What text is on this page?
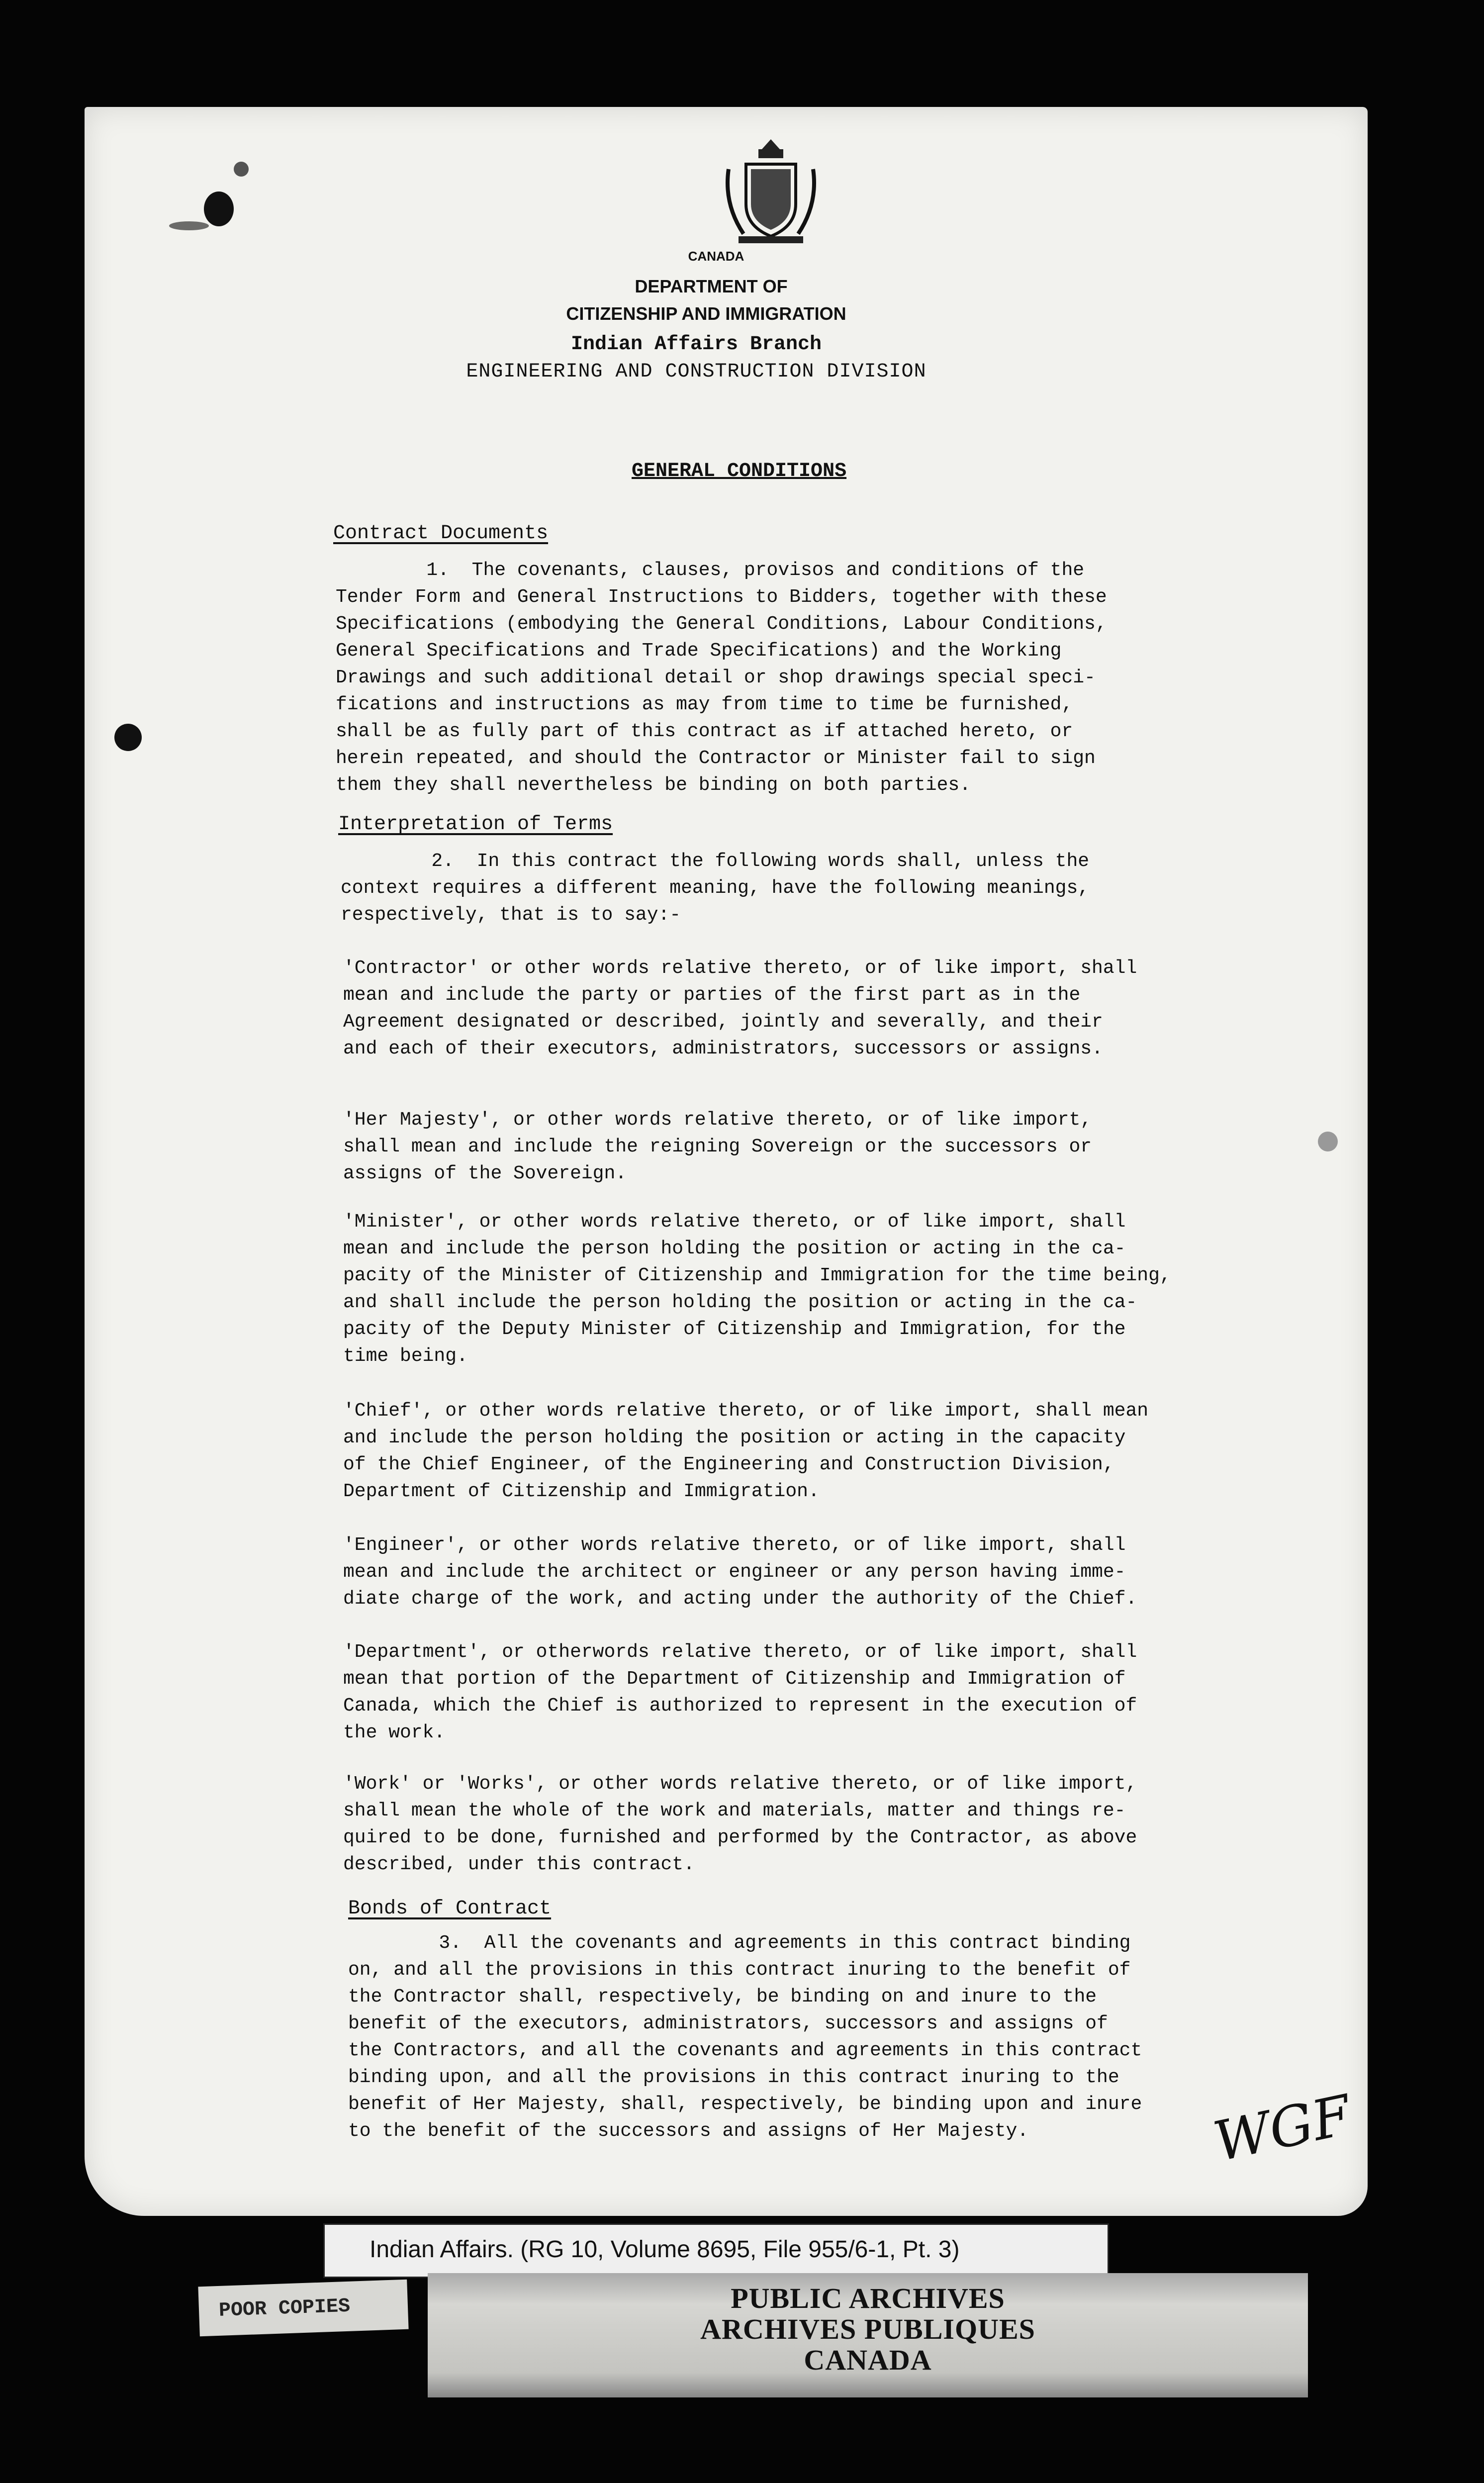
CANADA
DEPARTMENT OF
CITIZENSHIP AND IMMIGRATION
Indian Affairs Branch
ENGINEERING AND CONSTRUCTION DIVISION
GENERAL CONDITIONS
Contract Documents
1.  The covenants, clauses, provisos and conditions of the
Tender Form and General Instructions to Bidders, together with these
Specifications (embodying the General Conditions, Labour Conditions,
General Specifications and Trade Specifications) and the Working
Drawings and such additional detail or shop drawings special speci-
fications and instructions as may from time to time be furnished,
shall be as fully part of this contract as if attached hereto, or
herein repeated, and should the Contractor or Minister fail to sign
them they shall nevertheless be binding on both parties.
Interpretation of Terms
2.  In this contract the following words shall, unless the
context requires a different meaning, have the following meanings,
respectively, that is to say:-
'Contractor' or other words relative thereto, or of like import, shall
mean and include the party or parties of the first part as in the
Agreement designated or described, jointly and severally, and their
and each of their executors, administrators, successors or assigns.
'Her Majesty', or other words relative thereto, or of like import,
shall mean and include the reigning Sovereign or the successors or
assigns of the Sovereign.
'Minister', or other words relative thereto, or of like import, shall
mean and include the person holding the position or acting in the ca-
pacity of the Minister of Citizenship and Immigration for the time being,
and shall include the person holding the position or acting in the ca-
pacity of the Deputy Minister of Citizenship and Immigration, for the
time being.
'Chief', or other words relative thereto, or of like import, shall mean
and include the person holding the position or acting in the capacity
of the Chief Engineer, of the Engineering and Construction Division,
Department of Citizenship and Immigration.
'Engineer', or other words relative thereto, or of like import, shall
mean and include the architect or engineer or any person having imme-
diate charge of the work, and acting under the authority of the Chief.
'Department', or otherwords relative thereto, or of like import, shall
mean that portion of the Department of Citizenship and Immigration of
Canada, which the Chief is authorized to represent in the execution of
the work.
'Work' or 'Works', or other words relative thereto, or of like import,
shall mean the whole of the work and materials, matter and things re-
quired to be done, furnished and performed by the Contractor, as above
described, under this contract.
Bonds of Contract
3.  All the covenants and agreements in this contract binding
on, and all the provisions in this contract inuring to the benefit of
the Contractor shall, respectively, be binding on and inure to the
benefit of the executors, administrators, successors and assigns of
the Contractors, and all the covenants and agreements in this contract
binding upon, and all the provisions in this contract inuring to the
benefit of Her Majesty, shall, respectively, be binding upon and inure
to the benefit of the successors and assigns of Her Majesty.	WGF
Indian Affairs. (RG 10, Volume 8695, File 955/6-1, Pt. 3)
POOR COPIES	PUBLIC ARCHIVES
ARCHIVES PUBLIQUES
CANADA
